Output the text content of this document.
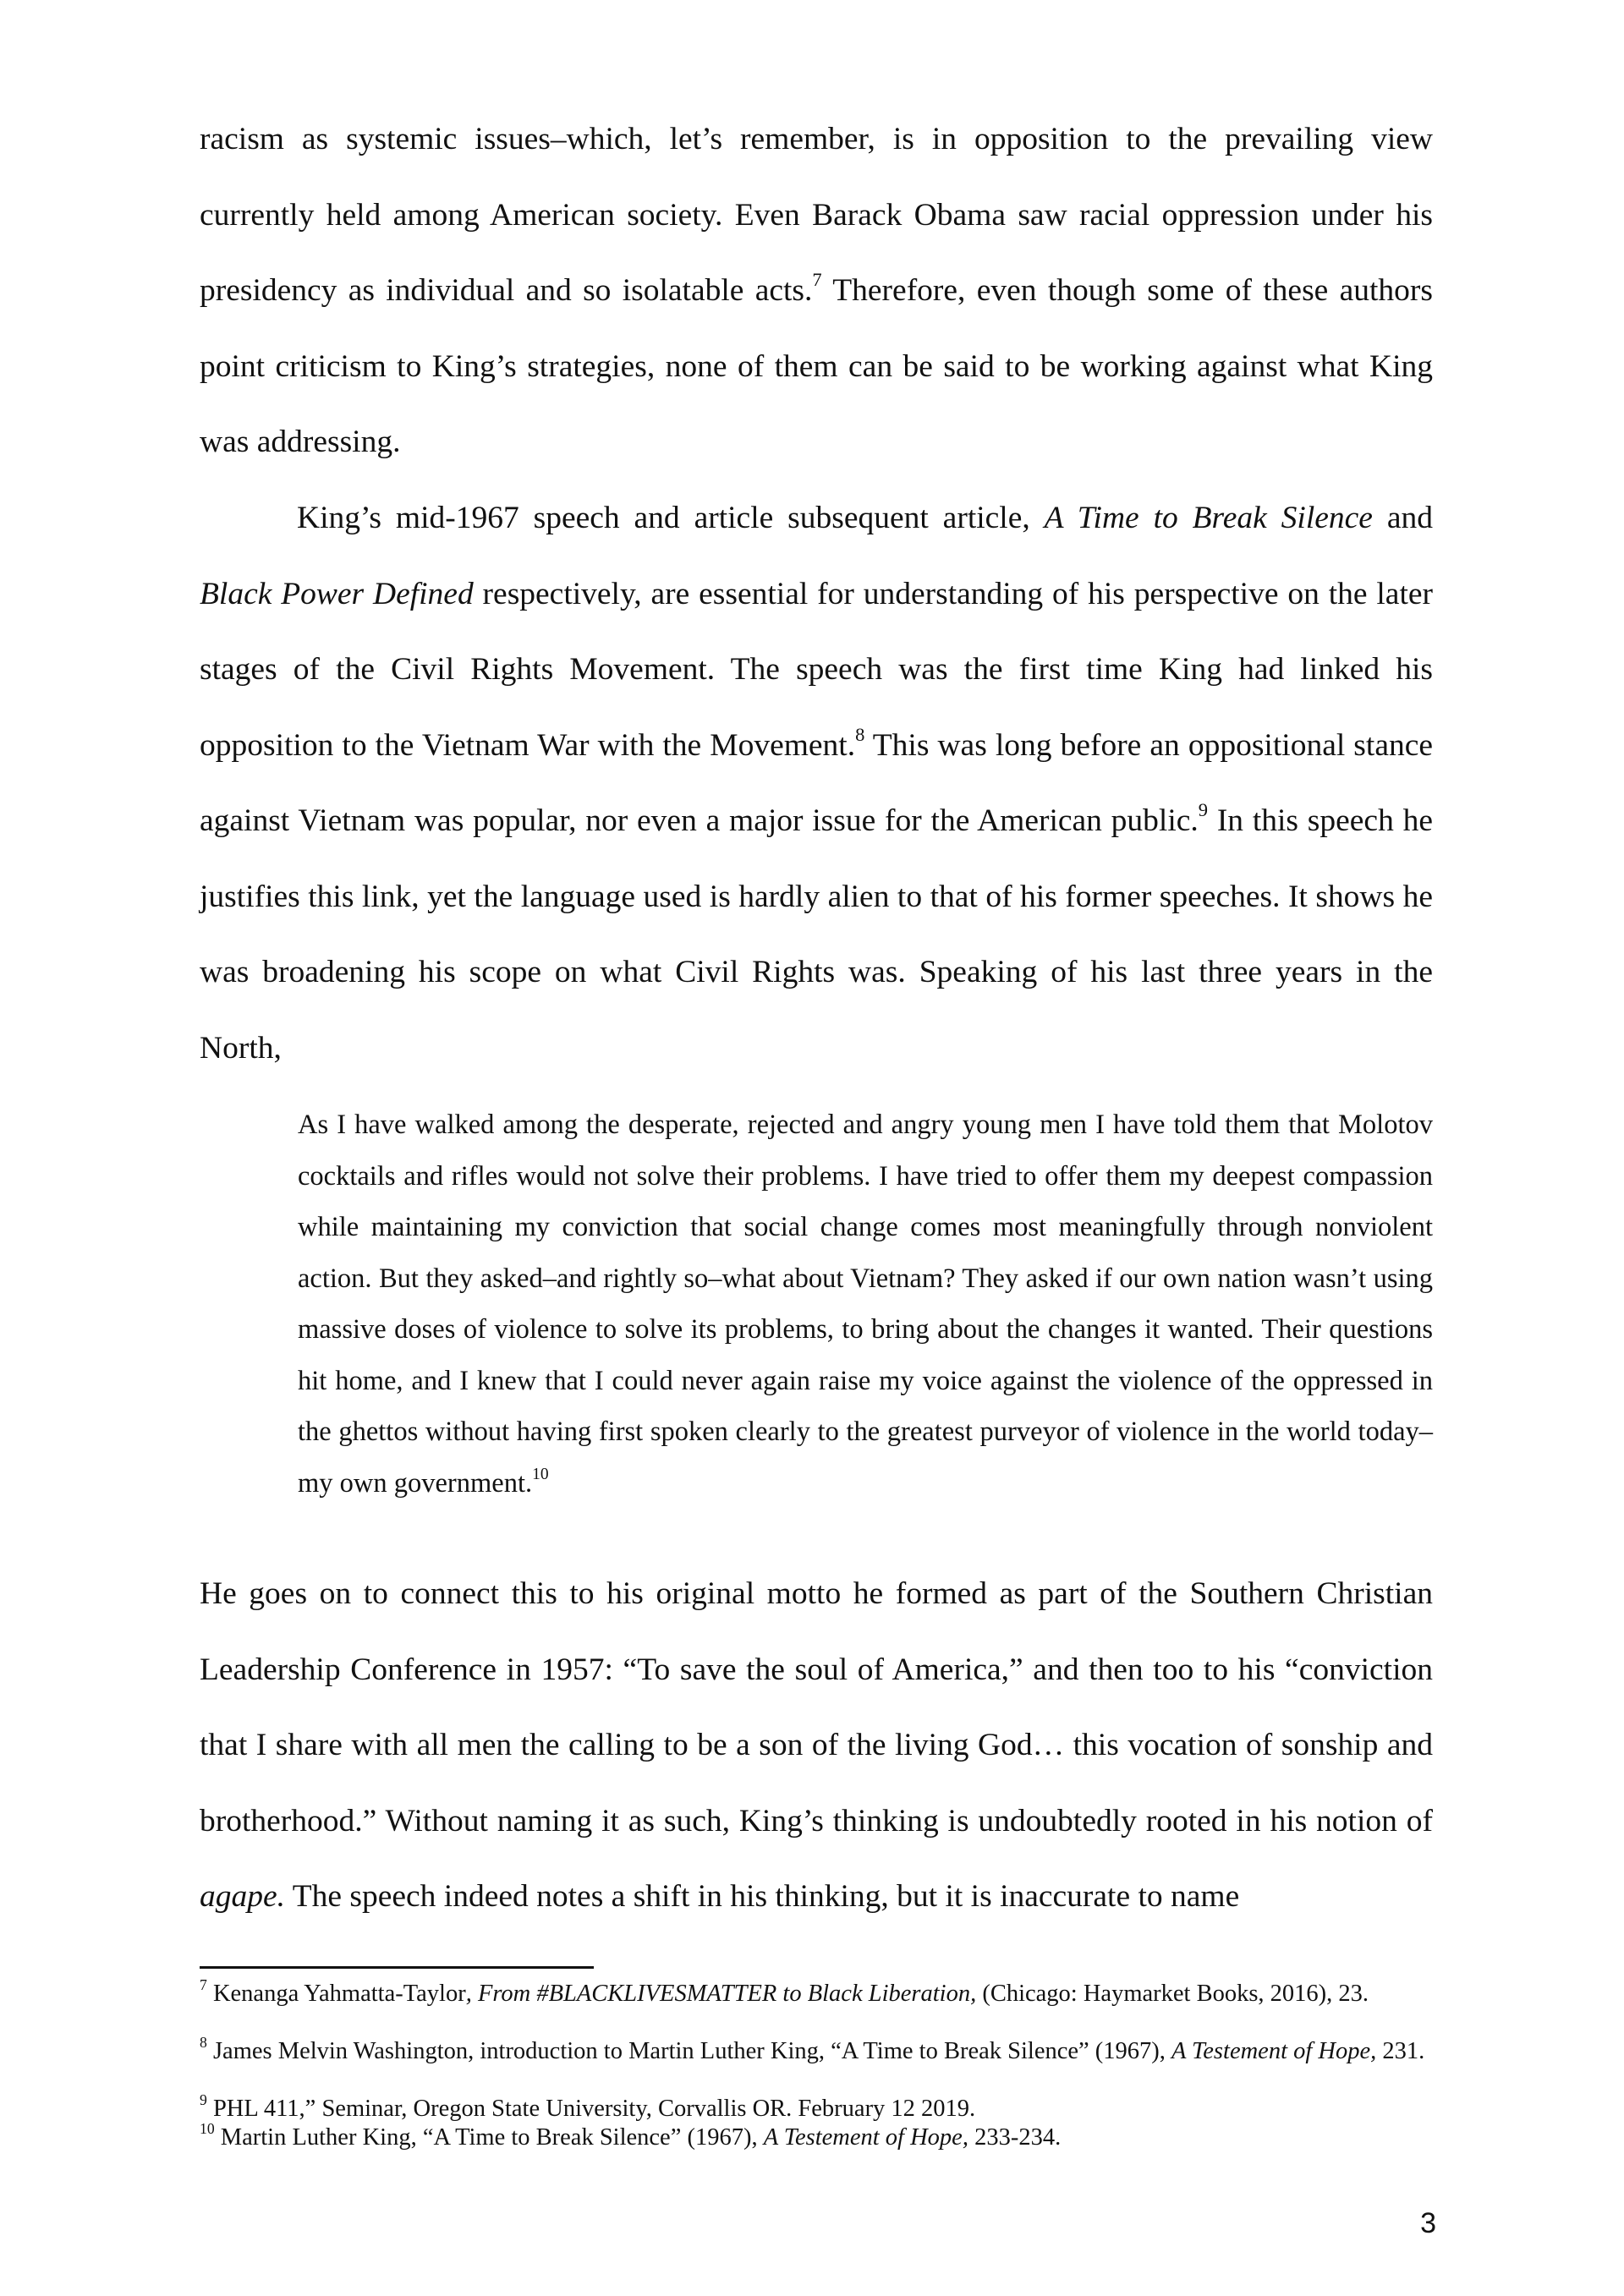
racism as systemic issues–which, let’s remember, is in opposition to the prevailing view currently held among American society. Even Barack Obama saw racial oppression under his presidency as individual and so isolatable acts.$^7$ Therefore, even though some of these authors point criticism to King’s strategies, none of them can be said to be working against what King was addressing.

King’s mid-1967 speech and article subsequent article, A Time to Break Silence and Black Power Defined respectively, are essential for understanding of his perspective on the later stages of the Civil Rights Movement. The speech was the first time King had linked his opposition to the Vietnam War with the Movement.$^8$ This was long before an oppositional stance against Vietnam was popular, nor even a major issue for the American public.$^9$ In this speech he justifies this link, yet the language used is hardly alien to that of his former speeches. It shows he was broadening his scope on what Civil Rights was. Speaking of his last three years in the North,

As I have walked among the desperate, rejected and angry young men I have told them that Molotov cocktails and rifles would not solve their problems. I have tried to offer them my deepest compassion while maintaining my conviction that social change comes most meaningfully through nonviolent action. But they asked–and rightly so–what about Vietnam? They asked if our own nation wasn’t using massive doses of violence to solve its problems, to bring about the changes it wanted. Their questions hit home, and I knew that I could never again raise my voice against the violence of the oppressed in the ghettos without having first spoken clearly to the greatest purveyor of violence in the world today–my own government.$^{10}$

He goes on to connect this to his original motto he formed as part of the Southern Christian Leadership Conference in 1957: “To save the soul of America,” and then too to his “conviction that I share with all men the calling to be a son of the living God… this vocation of sonship and brotherhood.” Without naming it as such, King’s thinking is undoubtedly rooted in his notion of agape. The speech indeed notes a shift in his thinking, but it is inaccurate to name

$^7$ Kenanga Yahmatta-Taylor, From #BLACKLIVESMATTER to Black Liberation, (Chicago: Haymarket Books, 2016), 23.

$^8$ James Melvin Washington, introduction to Martin Luther King, “A Time to Break Silence” (1967), A Testement of Hope, 231.

$^9$ PHL 411,” Seminar, Oregon State University, Corvallis OR. February 12 2019.

$^{10}$ Martin Luther King, “A Time to Break Silence” (1967), A Testement of Hope, 233-234.

3
